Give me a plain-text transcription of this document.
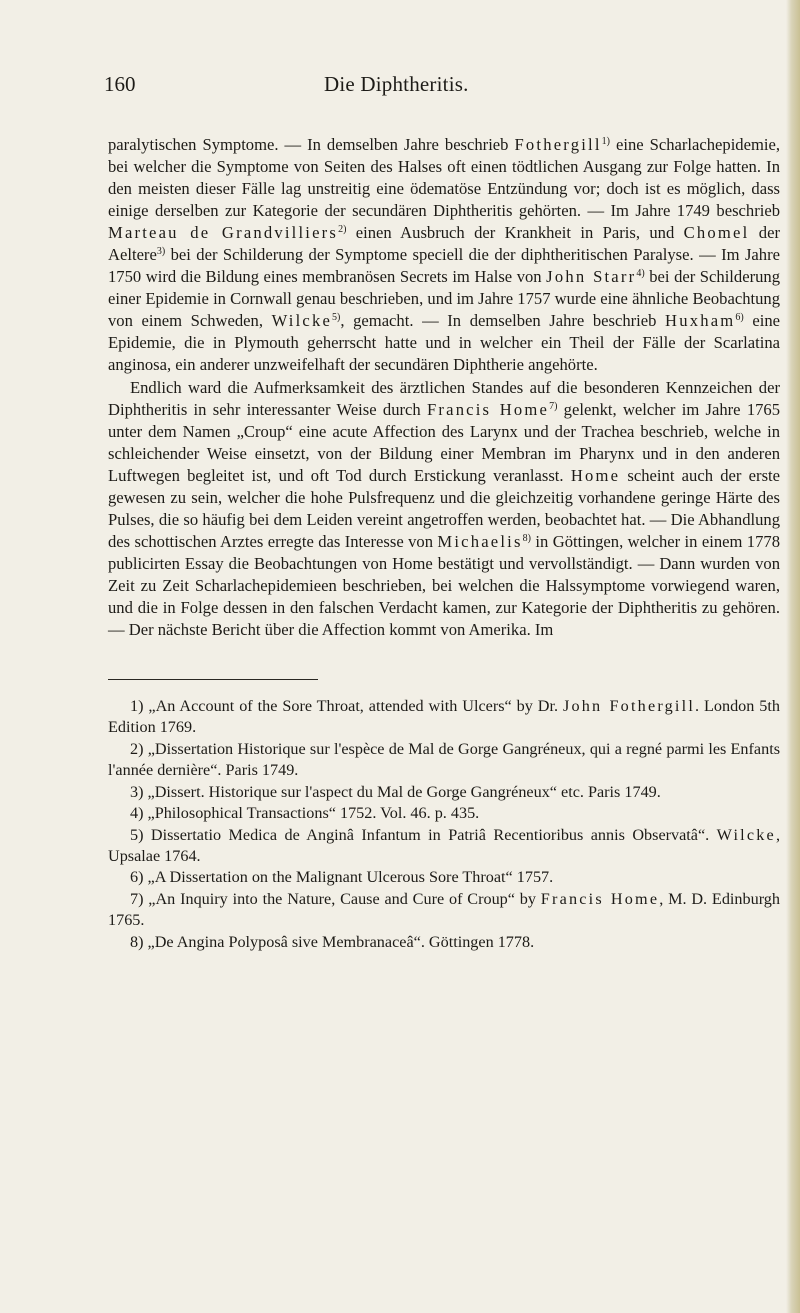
160	Die Diphtheritis.

paralytischen Symptome. — In demselben Jahre beschrieb Fothergill$^{1)}$ eine Scharlachepidemie, bei welcher die Symptome von Seiten des Halses oft einen tödtlichen Ausgang zur Folge hatten. In den meisten dieser Fälle lag unstreitig eine ödematöse Entzündung vor; doch ist es möglich, dass einige derselben zur Kategorie der secundären Diphtheritis gehörten. — Im Jahre 1749 beschrieb Marteau de Grandvilliers$^{2)}$ einen Ausbruch der Krankheit in Paris, und Chomel der Aeltere$^{3)}$ bei der Schilderung der Symptome speciell die der diphtheritischen Paralyse. — Im Jahre 1750 wird die Bildung eines membranösen Secrets im Halse von John Starr$^{4)}$ bei der Schilderung einer Epidemie in Cornwall genau beschrieben, und im Jahre 1757 wurde eine ähnliche Beobachtung von einem Schweden, Wilcke$^{5)}$, gemacht. — In demselben Jahre beschrieb Huxham$^{6)}$ eine Epidemie, die in Plymouth geherrscht hatte und in welcher ein Theil der Fälle der Scarlatina anginosa, ein anderer unzweifelhaft der secundären Diphtherie angehörte.

Endlich ward die Aufmerksamkeit des ärztlichen Standes auf die besonderen Kennzeichen der Diphtheritis in sehr interessanter Weise durch Francis Home$^{7)}$ gelenkt, welcher im Jahre 1765 unter dem Namen „Croup“ eine acute Affection des Larynx und der Trachea beschrieb, welche in schleichender Weise einsetzt, von der Bildung einer Membran im Pharynx und in den anderen Luftwegen begleitet ist, und oft Tod durch Erstickung veranlasst. Home scheint auch der erste gewesen zu sein, welcher die hohe Pulsfrequenz und die gleichzeitig vorhandene geringe Härte des Pulses, die so häufig bei dem Leiden vereint angetroffen werden, beobachtet hat. — Die Abhandlung des schottischen Arztes erregte das Interesse von Michaelis$^{8)}$ in Göttingen, welcher in einem 1778 publicirten Essay die Beobachtungen von Home bestätigt und vervollständigt. — Dann wurden von Zeit zu Zeit Scharlachepidemieen beschrieben, bei welchen die Halssymptome vorwiegend waren, und die in Folge dessen in den falschen Verdacht kamen, zur Kategorie der Diphtheritis zu gehören. — Der nächste Bericht über die Affection kommt von Amerika. Im

1) „An Account of the Sore Throat, attended with Ulcers“ by Dr. John Fothergill. London 5th Edition 1769.

2) „Dissertation Historique sur l'espèce de Mal de Gorge Gangréneux, qui a regné parmi les Enfants l'année dernière“. Paris 1749.

3) „Dissert. Historique sur l'aspect du Mal de Gorge Gangréneux“ etc. Paris 1749.

4) „Philosophical Transactions“ 1752. Vol. 46. p. 435.

5) Dissertatio Medica de Anginâ Infantum in Patriâ Recentioribus annis Observatâ“. Wilcke, Upsalae 1764.

6) „A Dissertation on the Malignant Ulcerous Sore Throat“ 1757.

7) „An Inquiry into the Nature, Cause and Cure of Croup“ by Francis Home, M. D. Edinburgh 1765.

8) „De Angina Polyposâ sive Membranaceâ“. Göttingen 1778.
